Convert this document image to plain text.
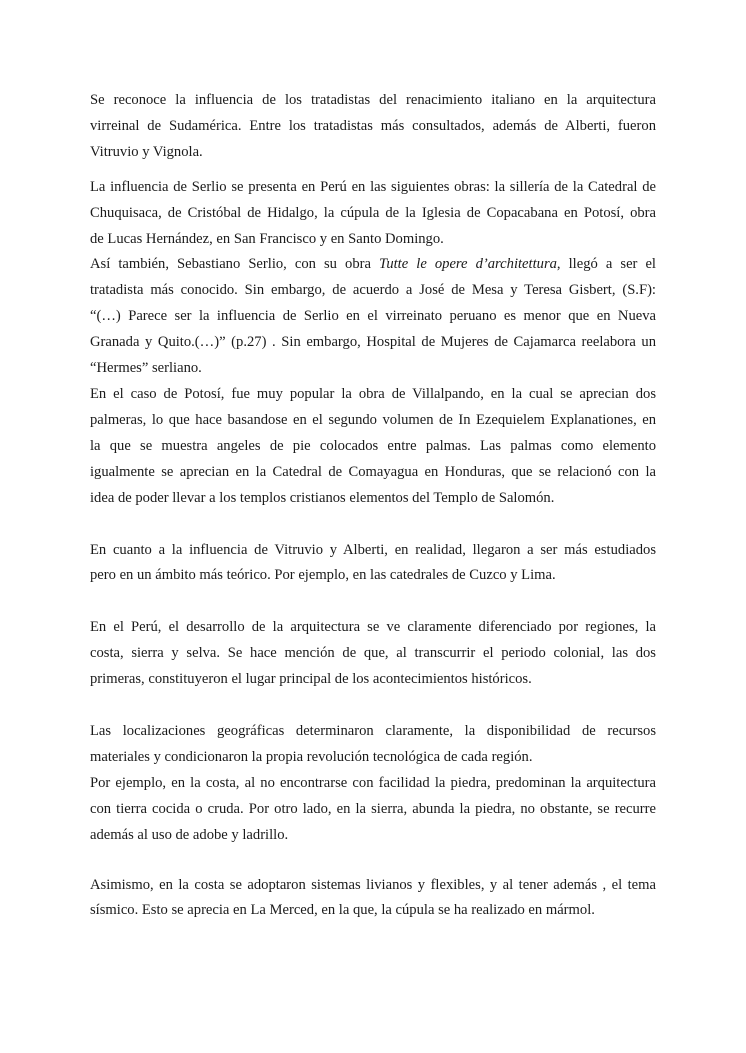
Se reconoce la influencia de los tratadistas del renacimiento italiano en la arquitectura
virreinal de Sudamérica. Entre los tratadistas más consultados, además de Alberti, fueron
Vitruvio y Vignola.

La influencia de Serlio se presenta en Perú en las siguientes obras: la sillería de la Catedral de
Chuquisaca, de Cristóbal de Hidalgo, la cúpula de la Iglesia de Copacabana en Potosí, obra
de Lucas Hernández, en San Francisco y en Santo Domingo.

Así también, Sebastiano Serlio, con su obra Tutte le opere d’architettura, llegó a ser el
tratadista más conocido. Sin embargo, de acuerdo a José de Mesa y Teresa Gisbert, (S.F):

“(…) Parece ser la influencia de Serlio en el virreinato peruano es menor que en Nueva
Granada y Quito.(…)” (p.27) . Sin embargo, Hospital de Mujeres de Cajamarca reelabora un
“Hermes” serliano.

En el caso de Potosí, fue muy popular la obra de Villalpando, en la cual se aprecian dos
palmeras, lo que hace basandose en el segundo volumen de In Ezequielem Explanationes, en
la que se muestra angeles de pie colocados entre palmas. Las palmas como elemento
igualmente se aprecian en la Catedral de Comayagua en Honduras, que se relacionó con la
idea de poder llevar a los templos cristianos elementos del Templo de Salomón.

En cuanto a la influencia de Vitruvio y Alberti, en realidad, llegaron a ser más estudiados
pero en un ámbito más teórico. Por ejemplo, en las catedrales de Cuzco y Lima.

En el Perú, el desarrollo de la arquitectura se ve claramente diferenciado por regiones, la
costa, sierra y selva. Se hace mención de que, al transcurrir el periodo colonial, las dos
primeras, constituyeron el lugar principal de los acontecimientos históricos.

Las localizaciones geográficas determinaron claramente, la disponibilidad de recursos
materiales y condicionaron la propia revolución tecnológica de cada región.

Por ejemplo, en la costa, al no encontrarse con facilidad la piedra, predominan la arquitectura
con tierra cocida o cruda. Por otro lado, en la sierra, abunda la piedra, no obstante, se recurre
además al uso de adobe y ladrillo.

Asimismo, en la costa se adoptaron sistemas livianos y flexibles, y al tener además , el tema
sísmico. Esto se aprecia en La Merced, en la que, la cúpula se ha realizado en mármol.
